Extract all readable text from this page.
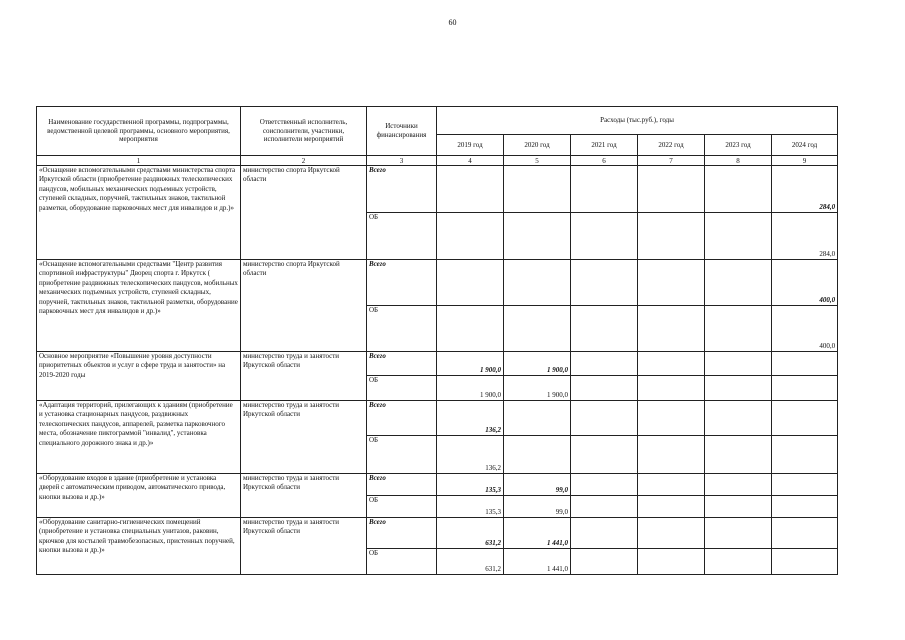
60
Наименование государственной программы, подпрограммы, ведомственной целевой программы, основного мероприятия, мероприятия	Ответственный исполнитель, соисполнители, участники, исполнители мероприятий	Источники финансирования	Расходы (тыс.руб.), годы					
			2019 год	2020 год	2021 год	2022 год	2023 год	2024 год
1	2	3	4	5	6	7	8	9
«Оснащение вспомогательными средствами министерства спорта Иркутской области (приобретение раздвижных телескопических пандусов, мобильных механических подъемных устройств, ступеней складных, поручней, тактильных знаков, тактильной разметки, оборудование парковочных мест для инвалидов и др.)»	министерство спорта Иркутской области	Всего						284,0
		ОБ						284,0
«Оснащение вспомогательными средствами "Центр развития спортивной инфраструктуры" Дворец спорта г. Иркутск ( приобретение раздвижных телескопических пандусов, мобильных механических подъемных устройств, ступеней складных, поручней, тактильных знаков, тактильной разметки, оборудование парковочных мест для инвалидов и др.)»	министерство спорта Иркутской области	Всего						400,0
		ОБ						400,0
Основное мероприятие «Повышение уровня доступности приоритетных объектов и услуг в сфере труда и занятости» на 2019-2020 годы	министерство труда и занятости Иркутской области	Всего	1 900,0	1 900,0				
		ОБ	1 900,0	1 900,0				
«Адаптация территорий, прилегающих к зданиям (приобретение и установка стационарных пандусов, раздвижных телескопических пандусов, аппарелей, разметка парковочного места, обозначение пиктограммой "инвалид", установка специального дорожного знака и др.)»	министерство труда и занятости Иркутской области	Всего	136,2					
		ОБ	136,2					
«Оборудование входов в здание (приобретение и установка дверей с автоматическим приводом, автоматического привода, кнопки вызова и др.)»	министерство труда и занятости Иркутской области	Всего	135,3	99,0				
		ОБ	135,3	99,0				
«Оборудование санитарно-гигиенических помещений (приобретение и установка специальных унитазов, раковин, крючков для костылей травмобезопасных, пристенных поручней, кнопки вызова и др.)»	министерство труда и занятости Иркутской области	Всего	631,2	1 441,0				
		ОБ	631,2	1 441,0				
